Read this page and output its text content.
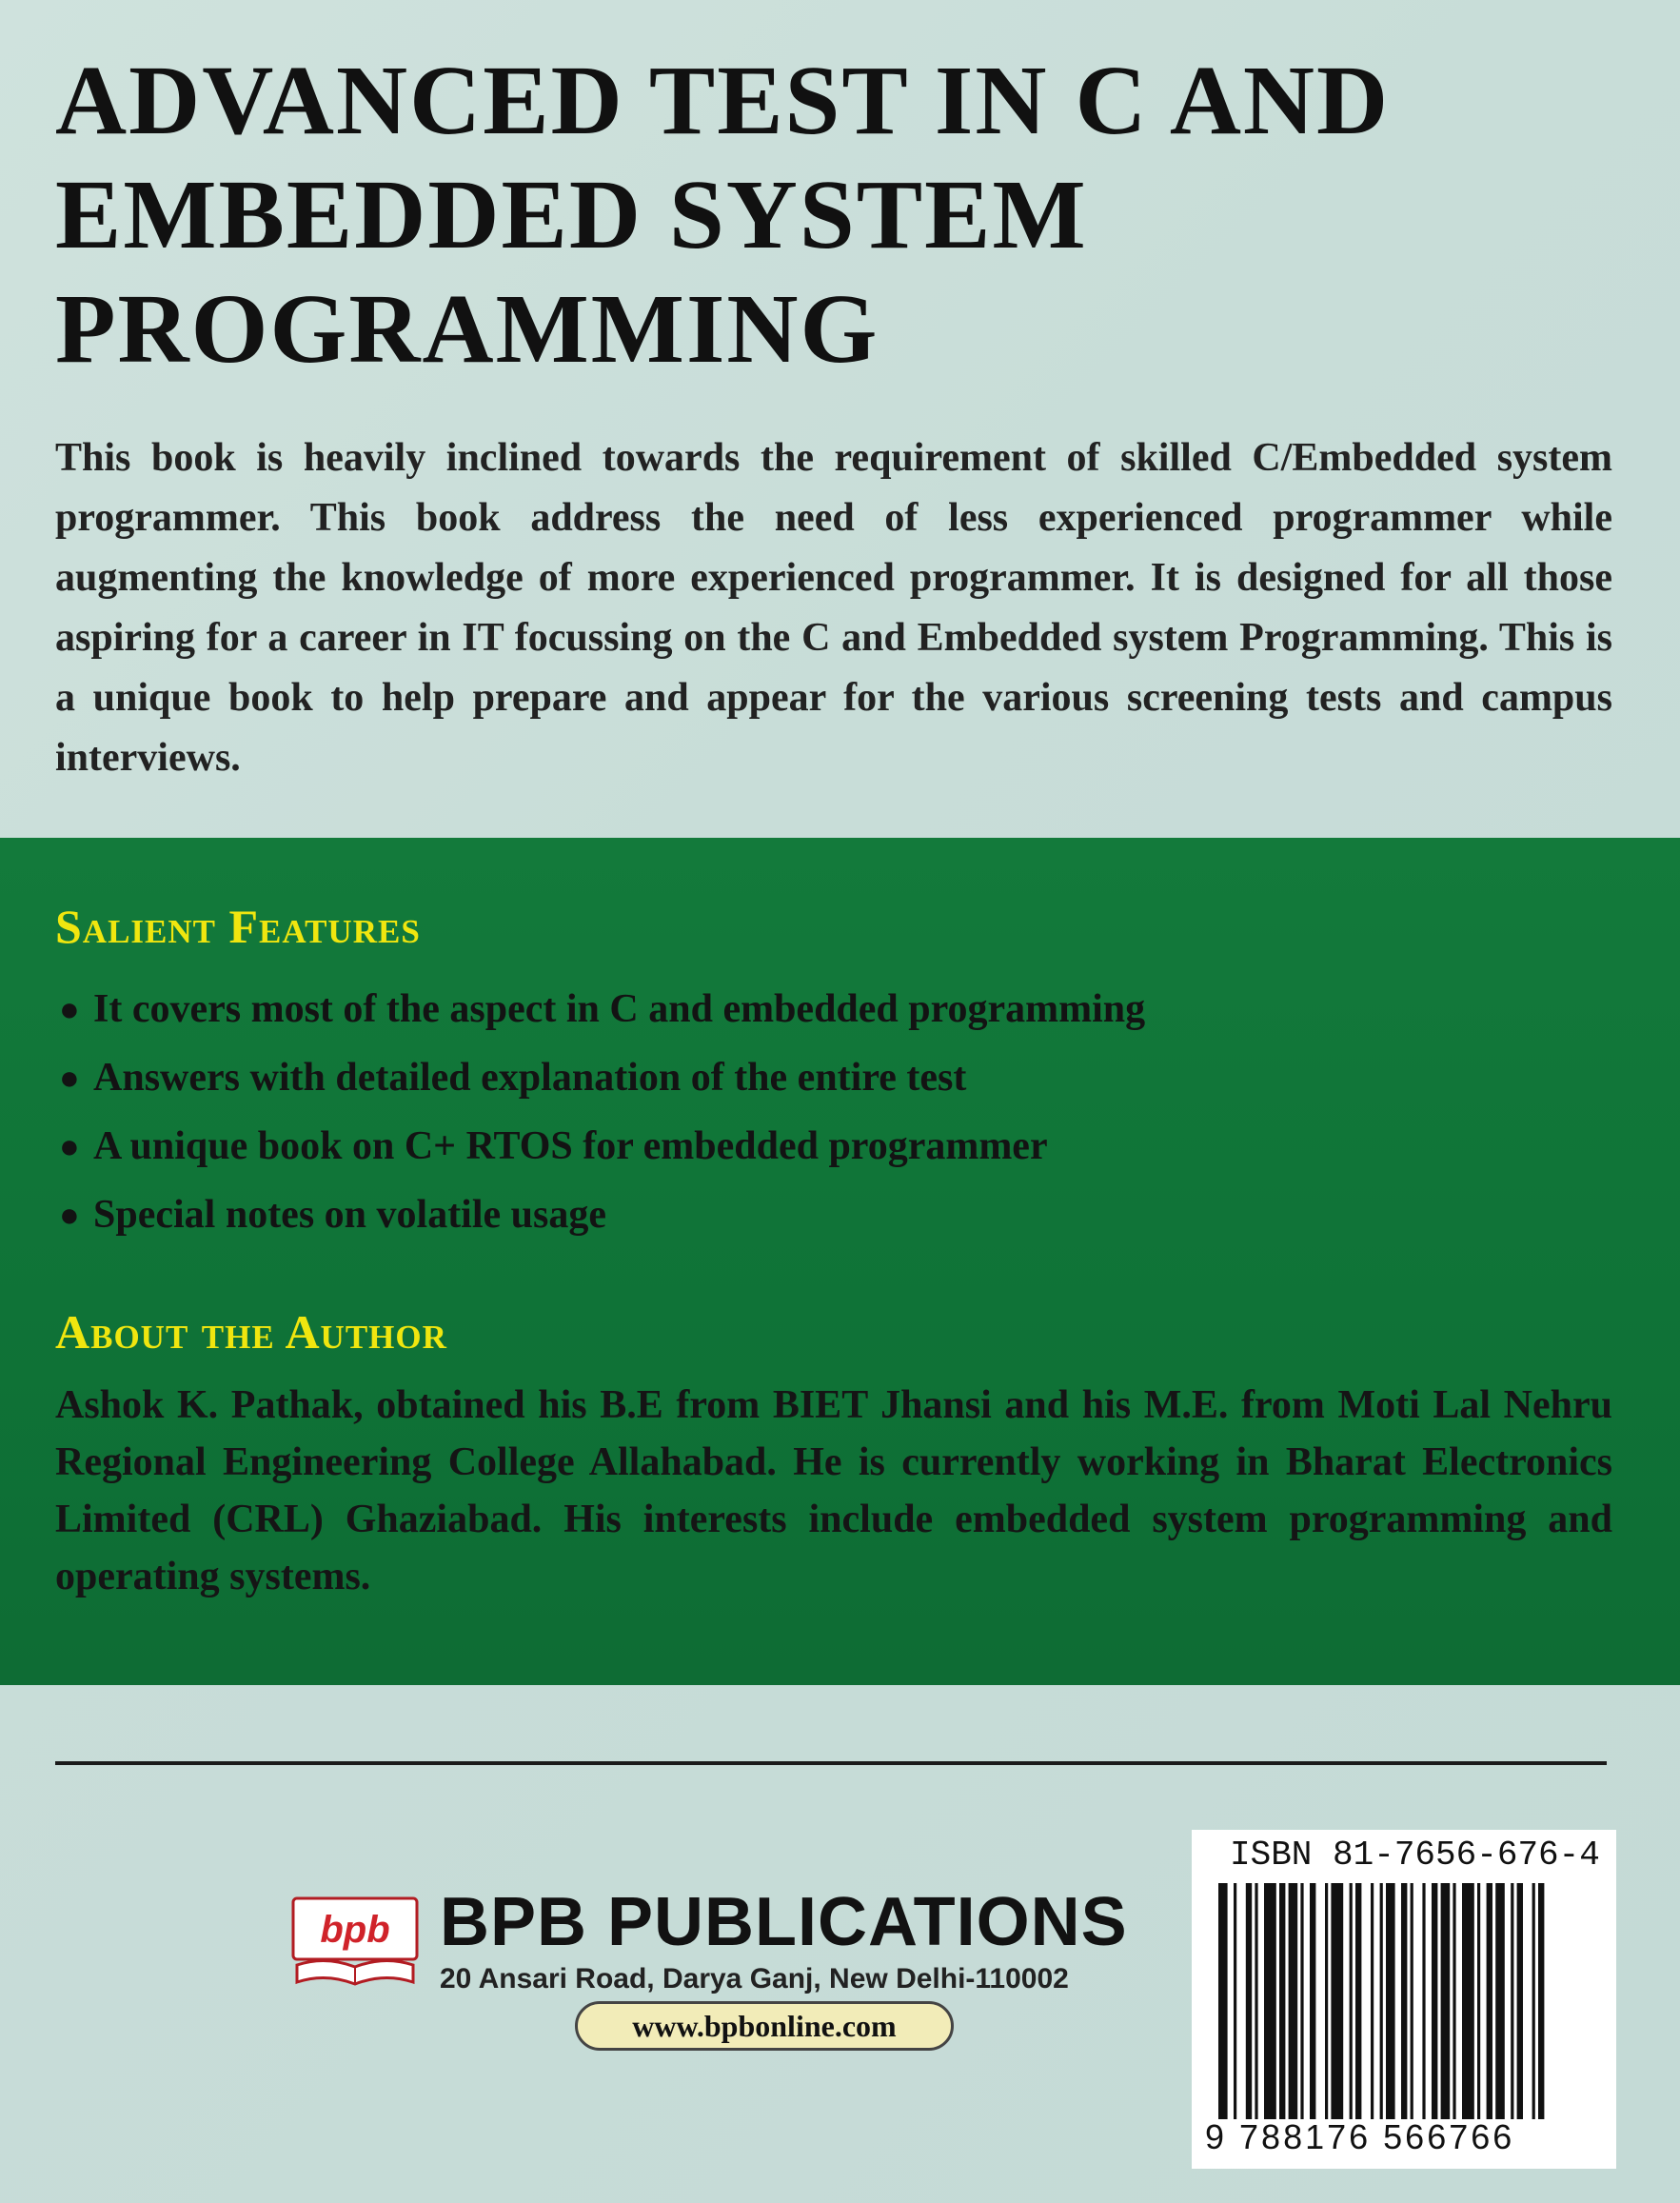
ADVANCED TEST IN C AND
EMBEDDED SYSTEM
PROGRAMMING

This book is heavily inclined towards the requirement of skilled C/Embedded system programmer. This book address the need of less experienced programmer while augmenting the knowledge of more experienced programmer. It is designed for all those aspiring for a career in IT focussing on the C and Embedded system Programming. This is a unique book to help prepare and appear for the various screening tests and campus interviews.

Salient Features
● It covers most of the aspect in C and embedded programming
● Answers with detailed explanation of the entire test
● A unique book on C+ RTOS for embedded programmer
● Special notes on volatile usage
About the Author

Ashok K. Pathak, obtained his B.E from BIET Jhansi and his M.E. from Moti Lal Nehru Regional Engineering College Allahabad. He is currently working in Bharat Electronics Limited (CRL) Ghaziabad. His interests include embedded system programming and operating systems.

bpb BPB PUBLICATIONS
20 Ansari Road, Darya Ganj, New Delhi-110002
www.bpbonline.com
ISBN 81-7656-676-4
9 788176 566766
